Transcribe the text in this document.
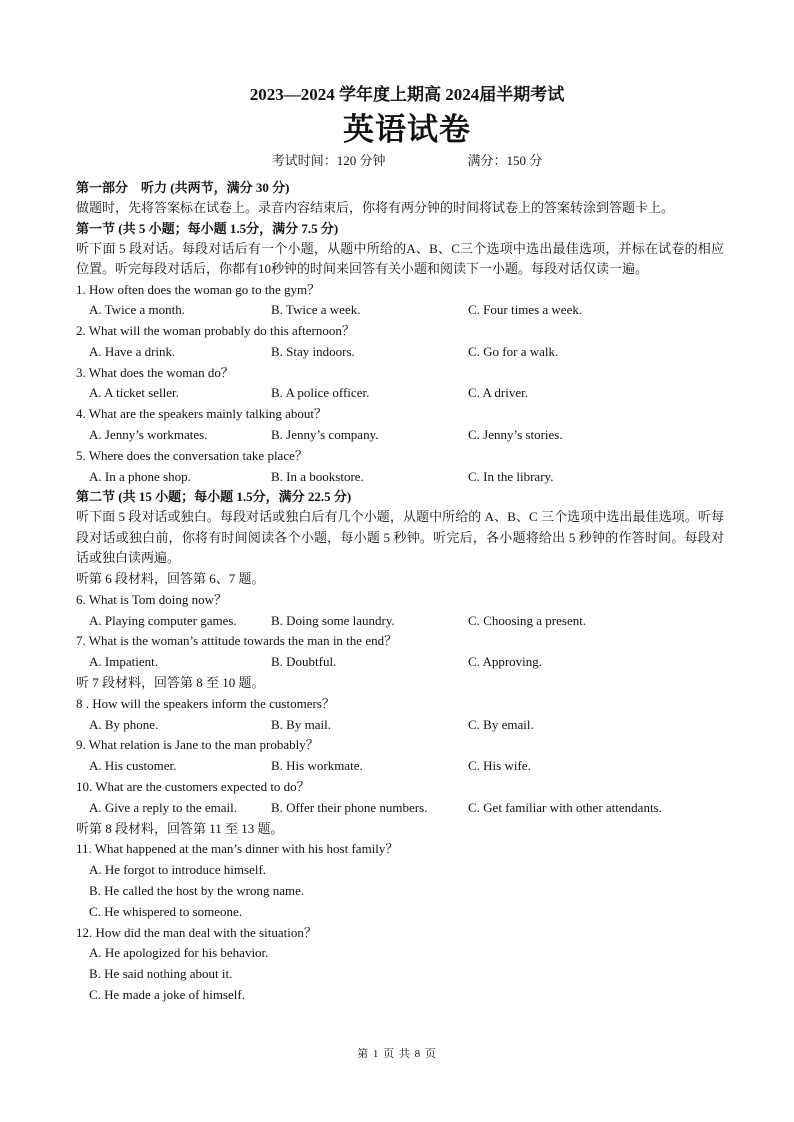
2023—2024 学年度上期高 2024届半期考试

英语试卷

考试时间：120 分钟	满分：150 分

第一部分　听力 (共两节，满分 30 分)

做题时，先将答案标在试卷上。录音内容结束后，你将有两分钟的时间将试卷上的答案转涂到答题卡上。

第一节 (共 5 小题；每小题 1.5分，满分 7.5 分)

听下面 5 段对话。每段对话后有一个小题，从题中所给的A、B、C三个选项中选出最佳选项，并标在试卷的相应位置。听完每段对话后，你都有10秒钟的时间来回答有关小题和阅读下一小题。每段对话仅读一遍。

1. How often does the woman go to the gym？

A. Twice a month.	B. Twice a week.	C. Four times a week.

2. What will the woman probably do this afternoon？

A. Have a drink.	B. Stay indoors.	C. Go for a walk.

3. What does the woman do？

A. A ticket seller.	B. A police officer.	C. A driver.

4. What are the speakers mainly talking about？

A. Jenny’s workmates.	B. Jenny’s company.	C. Jenny’s stories.

5. Where does the conversation take place？

A. In a phone shop.	B. In a bookstore.	C. In the library.

第二节 (共 15 小题；每小题 1.5分，满分 22.5 分)

听下面 5 段对话或独白。每段对话或独白后有几个小题，从题中所给的 A、B、C 三个选项中选出最佳选项。听每段对话或独白前，你将有时间阅读各个小题，每小题 5 秒钟。听完后，各小题将给出 5 秒钟的作答时间。每段对话或独白读两遍。

听第 6 段材料，回答第 6、7 题。

6. What is Tom doing now？

A. Playing computer games.	B. Doing some laundry.	C. Choosing a present.

7. What is the woman’s attitude towards the man in the end？

A. Impatient.	B. Doubtful.	C. Approving.

听 7 段材料，回答第 8 至 10 题。

8 . How will the speakers inform the customers？

A. By phone.	B. By mail.	C. By email.

9. What relation is Jane to the man probably？

A. His customer.	B. His workmate.	C. His wife.

10. What are the customers expected to do？

A. Give a reply to the email.	B. Offer their phone numbers.	C. Get familiar with other attendants.

听第 8 段材料，回答第 11 至 13 题。

11. What happened at the man’s dinner with his host family？

A. He forgot to introduce himself.

B. He called the host by the wrong name.

C. He whispered to someone.

12. How did the man deal with the situation？

A. He apologized for his behavior.

B. He said nothing about it.

C. He made a joke of himself.

第 1 页 共 8 页
